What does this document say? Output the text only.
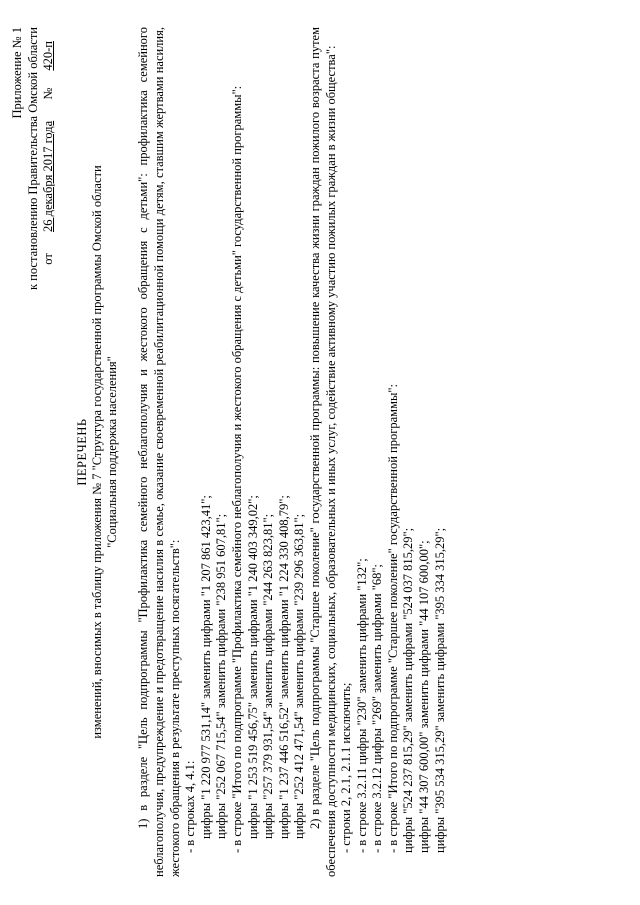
Приложение № 1 к постановлению Правительства Омской области от 26 декабря 2017 года № 420-п
ПЕРЕЧЕНЬ изменений, вносимых в таблицу приложения № 7 "Структура государственной программы Омской области "Социальная поддержка населения" 1) в разделе "Цель подпрограммы "Профилактика семейного неблагополучия и жестокого обращения с детьми": профилактика семейного неблагополучия, предупреждение и предотвращение насилия в семье, оказание своевременной реабилитационной помощи детям, ставшим жертвами насилия, жестокого обращения в результате преступных посягательств": - в строках 4, 4.1: цифры "1 220 977 531,14" заменить цифрами "1 207 861 423,41"; цифры "252 067 715,54" заменить цифрами "238 951 607,81"; - в строке "Итого по подпрограмме "Профилактика семейного неблагополучия и жестокого обращения с детьми" государственной программы": цифры "1 253 519 456,75" заменить цифрами "1 240 403 349,02"; цифры "257 379 931,54" заменить цифрами "244 263 823,81"; цифры "1 237 446 516,52" заменить цифрами "1 224 330 408,79"; цифры "252 412 471,54" заменить цифрами "239 296 363,81"; 2) в разделе "Цель подпрограммы "Старшее поколение" государственной программы: повышение качества жизни граждан пожилого возраста путем обеспечения доступности медицинских, социальных, образовательных и иных услуг, содействие активному участию пожилых граждан в жизни общества": - строки 2, 2.1, 2.1.1 исключить; - в строке 3.2.11 цифры "230" заменить цифрами "132"; - в строке 3.2.12 цифры "269" заменить цифрами "68"; - в строке "Итого по подпрограмме "Старшее поколение" государственной программы": цифры "524 237 815,29" заменить цифрами "524 037 815,29"; цифры "44 307 600,00" заменить цифрами "44 107 600,00"; цифры "395 534 315,29" заменить цифрами "395 334 315,29";
